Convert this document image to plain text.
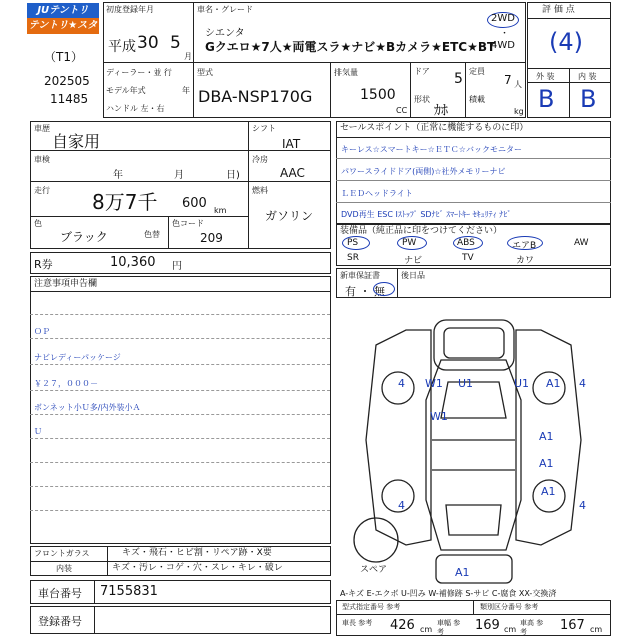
JUテントリ
テントリ★スター
（T1）
202505
11485
初度登録年月
平成 30 5
月
車名・グレード
シエンタ
Gクエロ★7人★両電スラ★ナビ★Bカメラ★ETC★BT
2WD
・
4WD
ディーラー・並 行
モデル年式	年
ハンドル 左・右
型式
DBA-NSP170G
排気量
1500
CC
ドア 5
形状
ｶﾎ
定員
7 人
積載
kg
評 価 点
(4)
外 装	内 装
B B
車歴
自家用
車検
年	月	日)
走行 8万7千 600 km
色
ブラック	色替
色コード
209
シフト
IAT
冷房
AAC
燃料
ガソリン
R券	10,360 円
セールスポイント（正常に機能するものに印）
キーレス☆スマートキー☆ＥＴＣ☆バックモニター
パワースライドドア(両側)☆社外メモリーナビ
ＬＥＤヘッドライト
DVD再生 ESC Iｽﾄｯﾌﾟ SDﾅﾋﾞ ｽﾏｰﾄｷｰ ｾｷｭﾘﾃｨ ﾅﾋﾞ
装備品（純正品に印をつけてください）
PS	PW	ABS	エアB	AW
SR	ナビ	TV	カワ
新車保証書
有 ・ 無
後日品
注意事項申告欄
ＯＰ
ナビレディーパッケージ
￥２７，０００－
ボンネット小Ｕ多/内外装小Ａ
Ｕ
4 W1 U1	U1 A1 4
W1
A1
A1
A1
4	4
A1
スペア
フロントガラス	キズ・飛石・ヒビ割・リペア跡・X要
内装	キズ・汚レ・コゲ・穴・スレ・キレ・破レ
車台番号 7155831
登録番号
A-キズ E-エクボ U-凹み W-補修跡 S-サビ C-腐食 XX-交換済
型式指定番号 参考	類別区分番号 参考
車長 参考	426 cm
車幅 参考	169 cm
車高 参考	167 cm
